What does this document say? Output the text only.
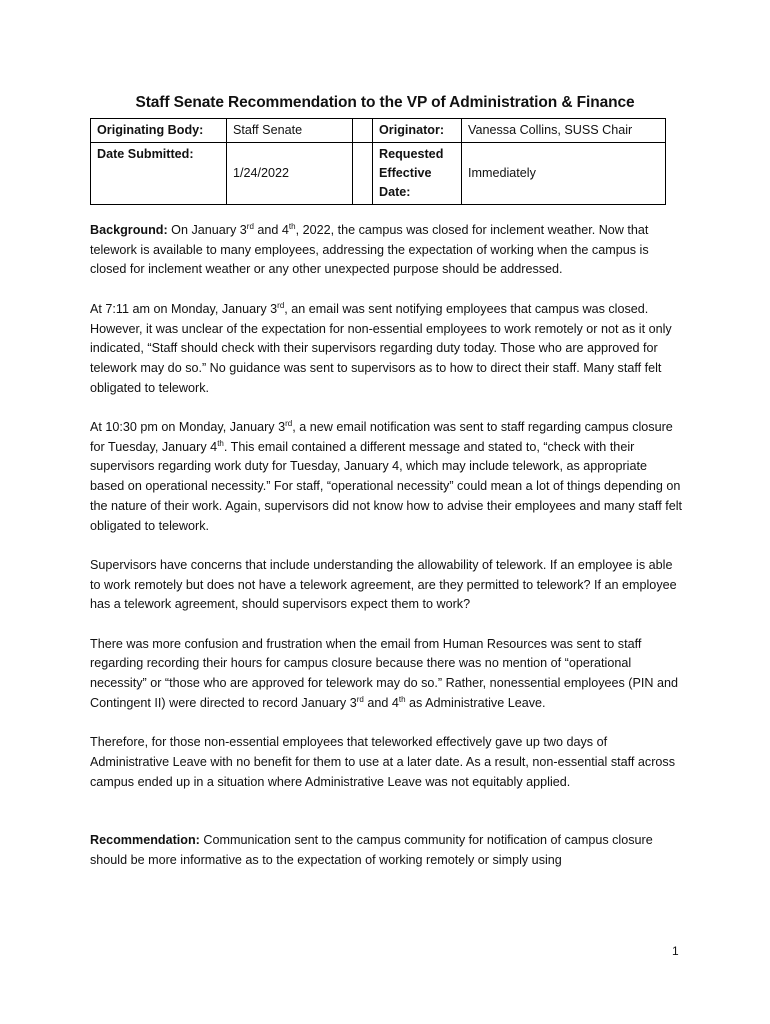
Staff Senate Recommendation to the VP of Administration & Finance
Originating Body:	Staff Senate		Originator:	Vanessa Collins, SUSS Chair
Date Submitted:	1/24/2022		Requested
Effective
Date:	Immediately

Background: On January 3rd and 4th, 2022, the campus was closed for inclement weather. Now that telework is available to many employees, addressing the expectation of working when the campus is closed for inclement weather or any other unexpected purpose should be addressed.

At 7:11 am on Monday, January 3rd, an email was sent notifying employees that campus was closed. However, it was unclear of the expectation for non-essential employees to work remotely or not as it only indicated, “Staff should check with their supervisors regarding duty today. Those who are approved for telework may do so.” No guidance was sent to supervisors as to how to direct their staff. Many staff felt obligated to telework.

At 10:30 pm on Monday, January 3rd, a new email notification was sent to staff regarding campus closure for Tuesday, January 4th. This email contained a different message and stated to, “check with their supervisors regarding work duty for Tuesday, January 4, which may include telework, as appropriate based on operational necessity.” For staff, “operational necessity” could mean a lot of things depending on the nature of their work. Again, supervisors did not know how to advise their employees and many staff felt obligated to telework.

Supervisors have concerns that include understanding the allowability of telework. If an employee is able to work remotely but does not have a telework agreement, are they permitted to telework? If an employee has a telework agreement, should supervisors expect them to work?

There was more confusion and frustration when the email from Human Resources was sent to staff regarding recording their hours for campus closure because there was no mention of “operational necessity” or “those who are approved for telework may do so.” Rather, nonessential employees (PIN and Contingent II) were directed to record January 3rd and 4th as Administrative Leave.

Therefore, for those non-essential employees that teleworked effectively gave up two days of Administrative Leave with no benefit for them to use at a later date. As a result, non-essential staff across campus ended up in a situation where Administrative Leave was not equitably applied.

Recommendation: Communication sent to the campus community for notification of campus closure should be more informative as to the expectation of working remotely or simply using

1
